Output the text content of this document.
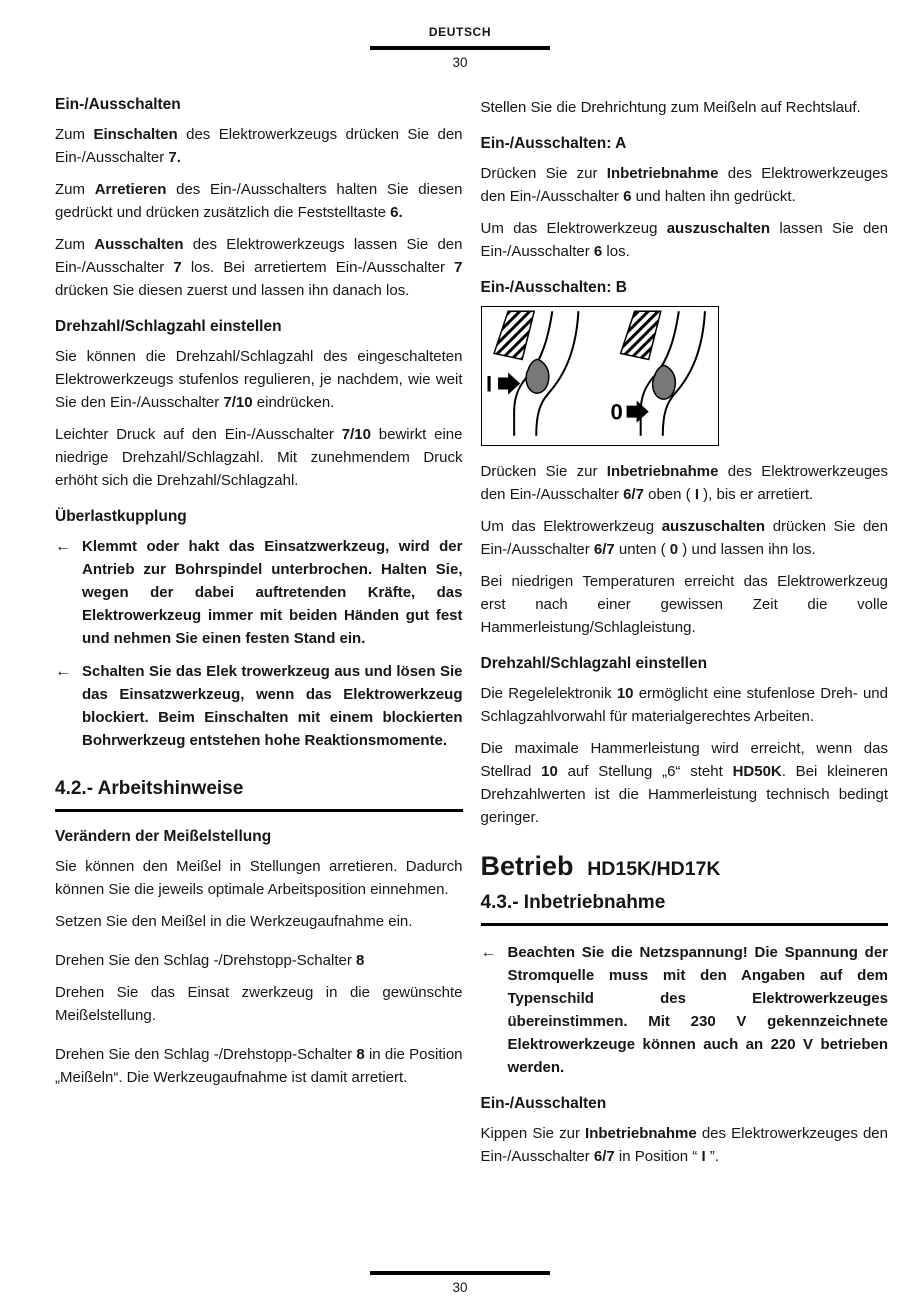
DEUTSCH
30
Ein-/Ausschalten

Zum Einschalten des Elektrowerkzeugs drücken Sie den Ein-/Ausschalter 7.

Zum Arretieren des Ein-/Ausschalters halten Sie diesen gedrückt und drücken zusätzlich die Feststelltaste 6.

Zum Ausschalten des Elektrowerkzeugs lassen Sie den Ein-/Ausschalter 7 los. Bei arretiertem Ein-/Ausschalter 7 drücken Sie diesen zuerst und lassen ihn danach los.

Drehzahl/Schlagzahl einstellen

Sie können die Drehzahl/Schlagzahl des eingeschalteten Elektrowerkzeugs stufenlos regulieren, je nachdem, wie weit Sie den Ein-/Ausschalter 7/10 eindrücken.

Leichter Druck auf den Ein-/Ausschalter 7/10 bewirkt eine niedrige Drehzahl/Schlagzahl. Mit zunehmendem Druck erhöht sich die Drehzahl/Schlagzahl.

Überlastkupplung
← Klemmt oder hakt das Einsatzwerkzeug, wird der Antrieb zur Bohrspindel unterbrochen. Halten Sie, wegen der dabei auftretenden Kräfte, das Elektrowerkzeug immer mit beiden Händen gut fest und nehmen Sie einen festen Stand ein.
← Schalten Sie das Elek trowerkzeug aus und lösen Sie das Einsatzwerkzeug, wenn das Elektrowerkzeug blockiert. Beim Einschalten mit einem blockierten Bohrwerkzeug entstehen hohe Reaktionsmomente.
4.2.- Arbeitshinweise
Verändern der Meißelstellung

Sie können den Meißel in Stellungen arretieren. Dadurch können Sie die jeweils optimale Arbeitsposition einnehmen.

Setzen Sie den Meißel in die Werkzeugaufnahme ein.

Drehen Sie den Schlag -/Drehstopp-Schalter 8

Drehen Sie das Einsat zwerkzeug in die gewünschte Meißelstellung.

Drehen Sie den Schlag -/Drehstopp-Schalter 8 in die Position „Meißeln“. Die Werkzeugaufnahme ist damit arretiert.

Stellen Sie die Drehrichtung zum Meißeln auf Rechtslauf.

Ein-/Ausschalten: A

Drücken Sie zur Inbetriebnahme des Elektrowerkzeuges den Ein-/Ausschalter 6 und halten ihn gedrückt.

Um das Elektrowerkzeug auszuschalten lassen Sie den Ein-/Ausschalter 6 los.

Ein-/Ausschalten: B
I
0

Drücken Sie zur Inbetriebnahme des Elektrowerkzeuges den Ein-/Ausschalter 6/7 oben ( I ), bis er arretiert.

Um das Elektrowerkzeug auszuschalten drücken Sie den Ein-/Ausschalter 6/7 unten ( 0 ) und lassen ihn los.

Bei niedrigen Temperaturen erreicht das Elektrowerkzeug erst nach einer gewissen Zeit die volle Hammerleistung/Schlagleistung.

Drehzahl/Schlagzahl einstellen

Die Regelelektronik 10 ermöglicht eine stufenlose Dreh- und Schlagzahlvorwahl für materialgerechtes Arbeiten.

Die maximale Hammerleistung wird erreicht, wenn das Stellrad 10 auf Stellung „6“ steht HD50K. Bei kleineren Drehzahlwerten ist die Hammerleistung technisch bedingt geringer.

Betrieb HD15K/HD17K
4.3.- Inbetriebnahme
← Beachten Sie die Netzspannung! Die Spannung der Stromquelle muss mit den Angaben auf dem Typenschild des Elektrowerkzeuges übereinstimmen. Mit 230 V gekennzeichnete Elektrowerkzeuge können auch an 220 V betrieben werden.
Ein-/Ausschalten

Kippen Sie zur Inbetriebnahme des Elektrowerkzeuges den Ein-/Ausschalter 6/7 in Position “ I ”.

30
